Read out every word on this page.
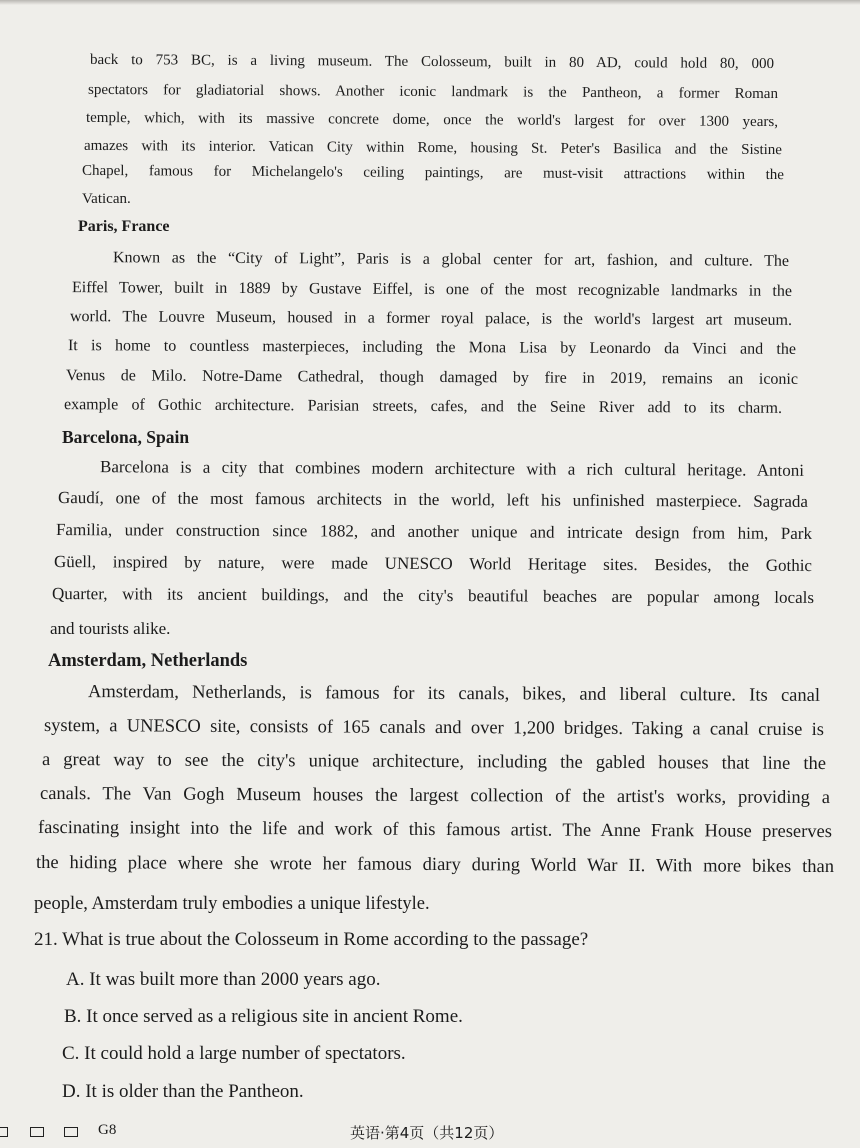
back to 753 BC, is a living museum. The Colosseum, built in 80 AD, could hold 80, 000

spectators for gladiatorial shows. Another iconic landmark is the Pantheon, a former Roman

temple, which, with its massive concrete dome, once the world's largest for over 1300 years,

amazes with its interior. Vatican City within Rome, housing St. Peter's Basilica and the Sistine

Chapel, famous for Michelangelo's ceiling paintings, are must-visit attractions within the

Vatican.

Paris, France

Known as the “City of Light”, Paris is a global center for art, fashion, and culture. The

Eiffel Tower, built in 1889 by Gustave Eiffel, is one of the most recognizable landmarks in the

world. The Louvre Museum, housed in a former royal palace, is the world's largest art museum.

It is home to countless masterpieces, including the Mona Lisa by Leonardo da Vinci and the

Venus de Milo. Notre-Dame Cathedral, though damaged by fire in 2019, remains an iconic

example of Gothic architecture. Parisian streets, cafes, and the Seine River add to its charm.

Barcelona, Spain

Barcelona is a city that combines modern architecture with a rich cultural heritage. Antoni

Gaudí, one of the most famous architects in the world, left his unfinished masterpiece. Sagrada

Familia, under construction since 1882, and another unique and intricate design from him, Park

Güell, inspired by nature, were made UNESCO World Heritage sites. Besides, the Gothic

Quarter, with its ancient buildings, and the city's beautiful beaches are popular among locals

and tourists alike.

Amsterdam, Netherlands

Amsterdam, Netherlands, is famous for its canals, bikes, and liberal culture. Its canal

system, a UNESCO site, consists of 165 canals and over 1,200 bridges. Taking a canal cruise is

a great way to see the city's unique architecture, including the gabled houses that line the

canals. The Van Gogh Museum houses the largest collection of the artist's works, providing a

fascinating insight into the life and work of this famous artist. The Anne Frank House preserves

the hiding place where she wrote her famous diary during World War II. With more bikes than

people, Amsterdam truly embodies a unique lifestyle.

21. What is true about the Colosseum in Rome according to the passage?

A. It was built more than 2000 years ago.

B. It once served as a religious site in ancient Rome.

C. It could hold a large number of spectators.

D. It is older than the Pantheon.

G8	英语·第4页（共12页）
